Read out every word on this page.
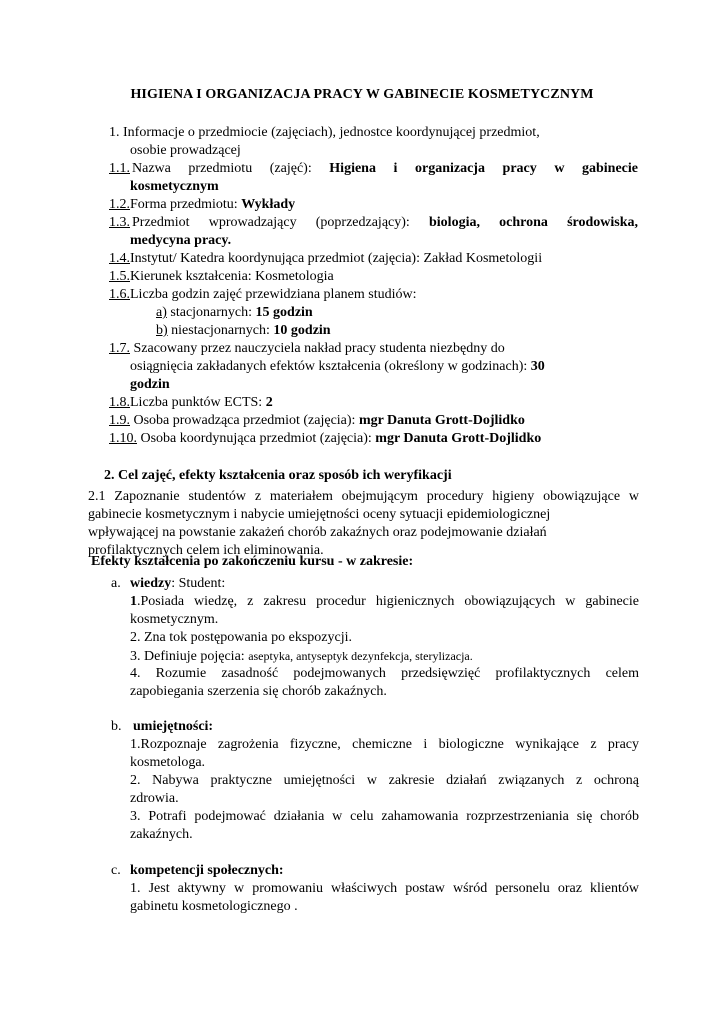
HIGIENA I ORGANIZACJA PRACY W GABINECIE KOSMETYCZNYM
1. Informacje o przedmiocie (zajęciach), jednostce koordynującej przedmiot,
osobie prowadzącej
1.1. Nazwa przedmiotu (zajęć): Higiena i organizacja pracy w gabinecie
kosmetycznym
1.2.Forma przedmiotu: Wykłady
1.3. Przedmiot wprowadzający (poprzedzający): biologia, ochrona środowiska,
medycyna pracy.
1.4.Instytut/ Katedra koordynująca przedmiot (zajęcia): Zakład Kosmetologii
1.5.Kierunek kształcenia: Kosmetologia
1.6.Liczba godzin zajęć przewidziana planem studiów:
a) stacjonarnych: 15 godzin
b) niestacjonarnych: 10 godzin
1.7. Szacowany przez nauczyciela nakład pracy studenta niezbędny do
osiągnięcia zakładanych efektów kształcenia (określony w godzinach): 30
godzin
1.8.Liczba punktów ECTS: 2
1.9. Osoba prowadząca przedmiot (zajęcia): mgr Danuta Grott-Dojlidko
1.10. Osoba koordynująca przedmiot (zajęcia): mgr Danuta Grott-Dojlidko
2. Cel zajęć, efekty kształcenia oraz sposób ich weryfikacji
2.1 Zapoznanie studentów z materiałem obejmującym procedury higieny obowiązujące w
gabinecie kosmetycznym i nabycie umiejętności oceny sytuacji epidemiologicznej
wpływającej na powstanie zakażeń chorób zakaźnych oraz podejmowanie działań
profilaktycznych celem ich eliminowania.
Efekty kształcenia po zakończeniu kursu - w zakresie:
a. wiedzy: Student:
1.Posiada wiedzę, z zakresu procedur higienicznych obowiązujących w gabinecie
kosmetycznym.
2. Zna tok postępowania po ekspozycji.
3. Definiuje pojęcia: aseptyka, antyseptyk dezynfekcja, sterylizacja.
4. Rozumie zasadność podejmowanych przedsięwzięć profilaktycznych celem
zapobiegania szerzenia się chorób zakaźnych.
b. umiejętności:
1.Rozpoznaje zagrożenia fizyczne, chemiczne i biologiczne wynikające z pracy
kosmetologa.
2. Nabywa praktyczne umiejętności w zakresie działań związanych z ochroną
zdrowia.
3. Potrafi podejmować działania w celu zahamowania rozprzestrzeniania się chorób
zakaźnych.
c. kompetencji społecznych:
1. Jest aktywny w promowaniu właściwych postaw wśród personelu oraz klientów
gabinetu kosmetologicznego .
